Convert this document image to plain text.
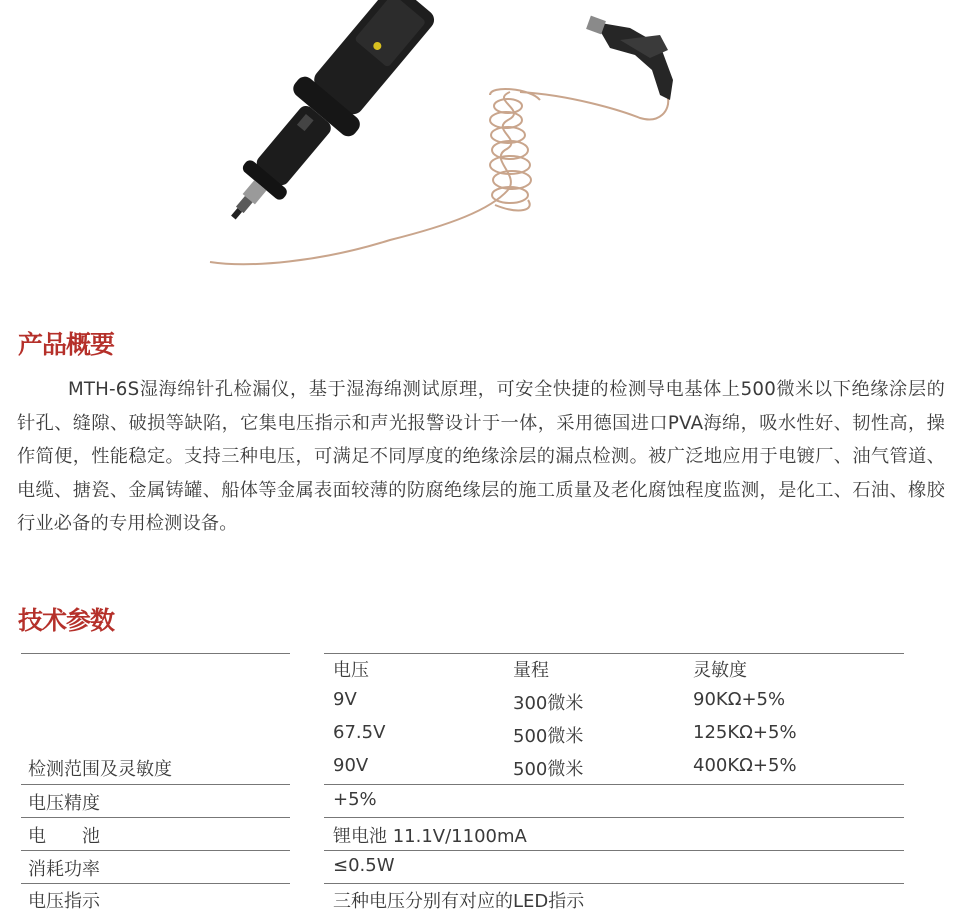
产品概要

MTH-6S湿海绵针孔检漏仪，基于湿海绵测试原理，可安全快捷的检测导电基体上500微米以下绝缘涂层的针孔、缝隙、破损等缺陷，它集电压指示和声光报警设计于一体，采用德国进口PVA海绵，吸水性好、韧性高，操作简便，性能稳定。支持三种电压，可满足不同厚度的绝缘涂层的漏点检测。被广泛地应用于电镀厂、油气管道、电缆、搪瓷、金属铸罐、船体等金属表面较薄的防腐绝缘层的施工质量及老化腐蚀程度监测，是化工、石油、橡胶行业必备的专用检测设备。

技术参数
电压	量程	灵敏度
9V	300微米	90KΩ+5%
67.5V	500微米	125KΩ+5%
检测范围及灵敏度	90V	500微米	400KΩ+5%
电压精度	+5%
电　　池	锂电池 11.1V/1100mA
消耗功率	≤0.5W
电压指示	三种电压分别有对应的LED指示
